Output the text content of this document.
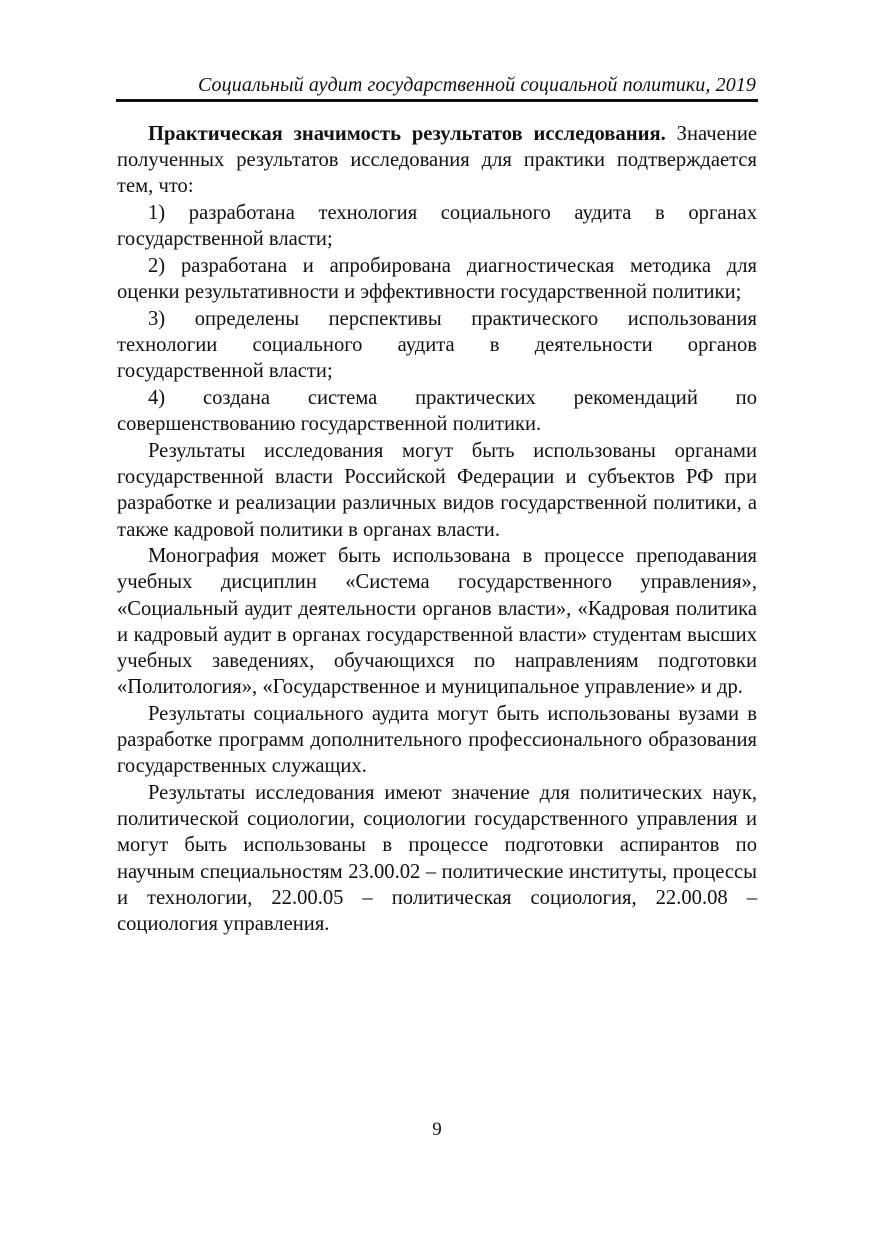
Социальный аудит государственной социальной политики, 2019

Практическая значимость результатов исследования. Значение полученных результатов исследования для практики подтверждается тем, что:

1) разработана технология социального аудита в органах государственной власти;

2) разработана и апробирована диагностическая методика для оценки результативности и эффективности государственной политики;

3) определены перспективы практического использования технологии социального аудита в деятельности органов государственной власти;

4) создана система практических рекомендаций по совершенствованию государственной политики.

Результаты исследования могут быть использованы органами государственной власти Российской Федерации и субъектов РФ при разработке и реализации различных видов государственной политики, а также кадровой политики в органах власти.

Монография может быть использована в процессе преподавания учебных дисциплин «Система государственного управления», «Социальный аудит деятельности органов власти», «Кадровая политика и кадровый аудит в органах государственной власти» студентам высших учебных заведениях, обучающихся по направлениям подготовки «Политология», «Государственное и муниципальное управление» и др.

Результаты социального аудита могут быть использованы вузами в разработке программ дополнительного профессионального образования государственных служащих.

Результаты исследования имеют значение для политических наук, политической социологии, социологии государственного управления и могут быть использованы в процессе подготовки аспирантов по научным специальностям 23.00.02 – политические институты, процессы и технологии, 22.00.05 – политическая социология, 22.00.08 – социология управления.

9
